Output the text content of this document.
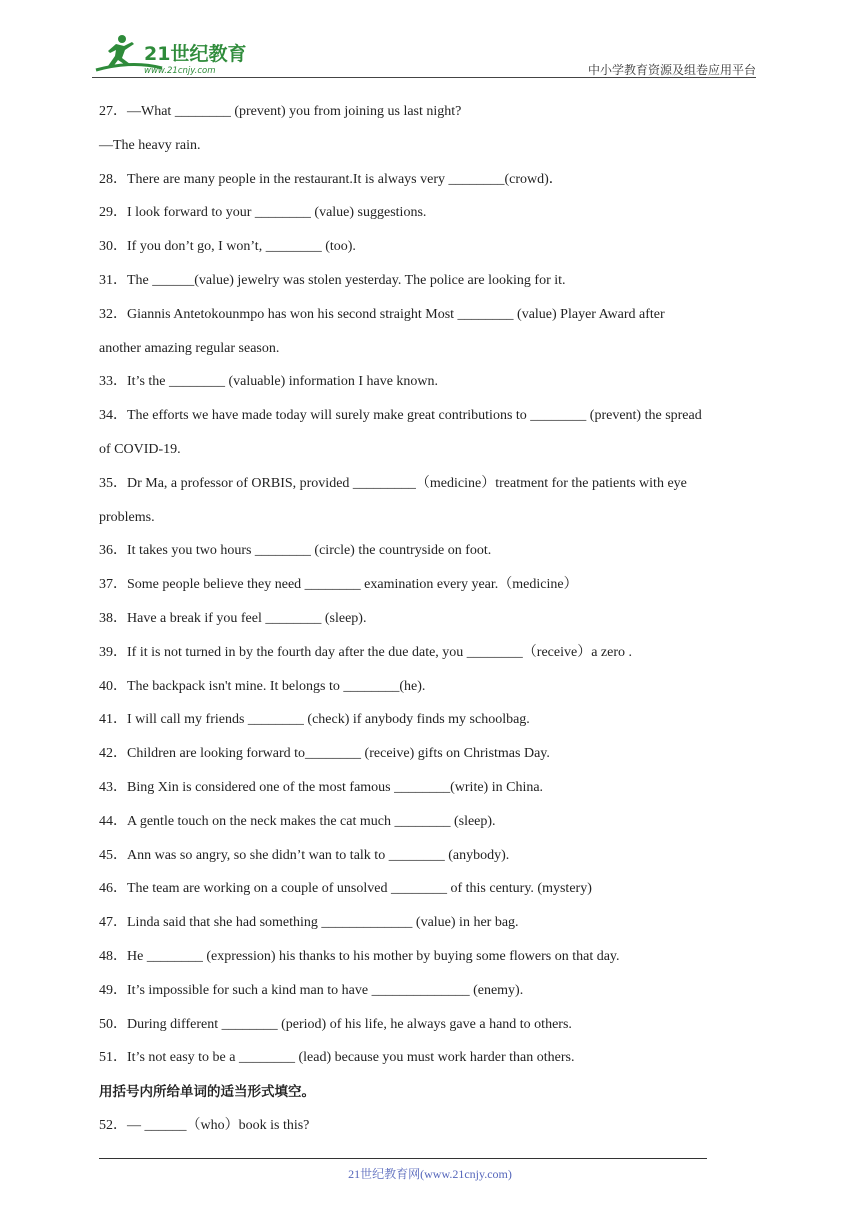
21世纪教育
www.21cnjy.com	中小学教育资源及组卷应用平台
27．—What ________ (prevent) you from joining us last night?
—The heavy rain.
28．There are many people in the restaurant.It is always very ________(crowd)．
29．I look forward to your ________ (value) suggestions.
30．If you don’t go, I won’t, ________ (too).
31．The ______(value) jewelry was stolen yesterday. The police are looking for it.
32．Giannis Antetokounmpo has won his second straight Most ________ (value) Player Award after
another amazing regular season.
33．It’s the ________ (valuable) information I have known.
34．The efforts we have made today will surely make great contributions to ________ (prevent) the spread
of COVID-19.
35．Dr Ma, a professor of ORBIS, provided _________（medicine）treatment for the patients with eye
problems.
36．It takes you two hours ________ (circle) the countryside on foot.
37．Some people believe they need ________ examination every year.（medicine）
38．Have a break if you feel ________ (sleep).
39．If it is not turned in by the fourth day after the due date, you ________（receive）a zero .
40．The backpack isn't mine. It belongs to ________(he).
41．I will call my friends ________ (check) if anybody finds my schoolbag.
42．Children are looking forward to________ (receive) gifts on Christmas Day.
43．Bing Xin is considered one of the most famous ________(write) in China.
44．A gentle touch on the neck makes the cat much ________ (sleep).
45．Ann was so angry, so she didn’t wan to talk to ________ (anybody).
46．The team are working on a couple of unsolved ________ of this century. (mystery)
47．Linda said that she had something _____________ (value) in her bag.
48．He ________ (expression) his thanks to his mother by buying some flowers on that day.
49．It’s impossible for such a kind man to have ______________ (enemy).
50．During different ________ (period) of his life, he always gave a hand to others.
51．It’s not easy to be a ________ (lead) because you must work harder than others.
用括号内所给单词的适当形式填空。
52．— ______（who）book is this?
21世纪教育网(www.21cnjy.com)
